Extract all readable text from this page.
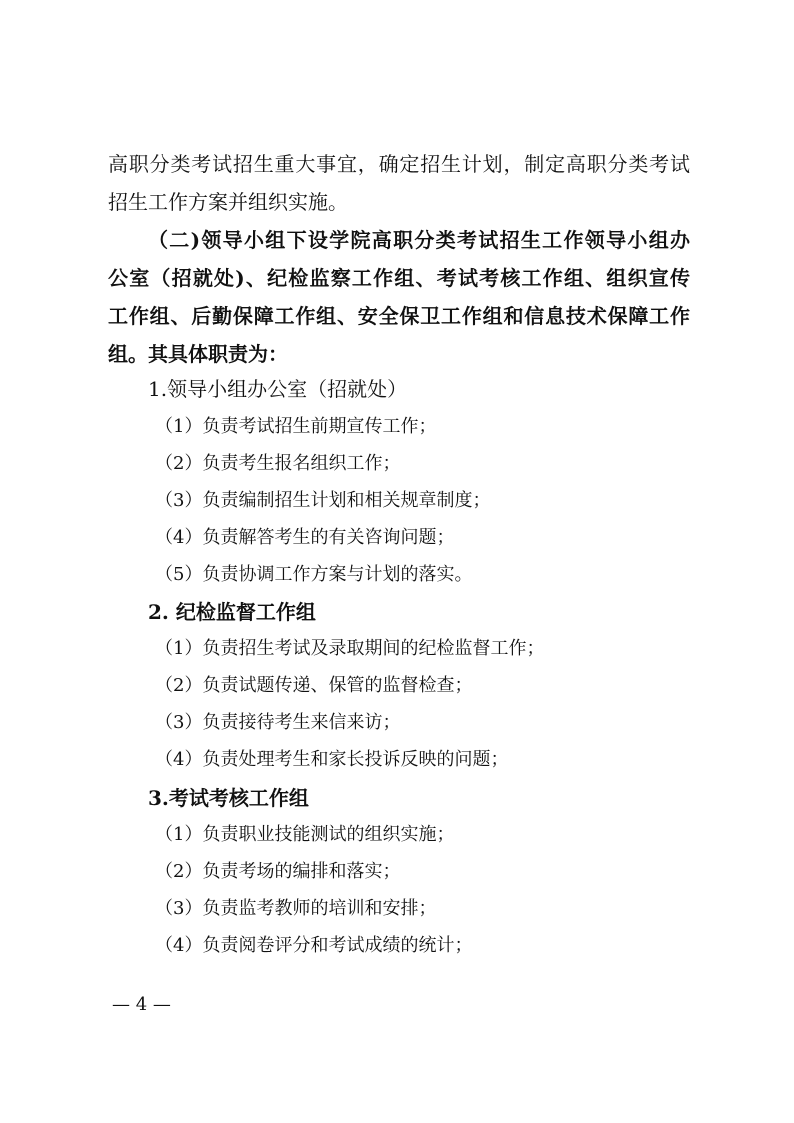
高职分类考试招生重大事宜，确定招生计划，制定高职分类考试
招生工作方案并组织实施。
（二)领导小组下设学院高职分类考试招生工作领导小组办
公室（招就处)、纪检监察工作组、考试考核工作组、组织宣传
工作组、后勤保障工作组、安全保卫工作组和信息技术保障工作
组。其具体职责为：
1.领导小组办公室（招就处）
（1）负责考试招生前期宣传工作；
（2）负责考生报名组织工作；
（3）负责编制招生计划和相关规章制度；
（4）负责解答考生的有关咨询问题；
（5）负责协调工作方案与计划的落实。
2. 纪检监督工作组
（1）负责招生考试及录取期间的纪检监督工作；
（2）负责试题传递、保管的监督检查；
（3）负责接待考生来信来访；
（4）负责处理考生和家长投诉反映的问题；
3.考试考核工作组
（1）负责职业技能测试的组织实施；
（2）负责考场的编排和落实；
（3）负责监考教师的培训和安排；
（4）负责阅卷评分和考试成绩的统计；
— 4 —
